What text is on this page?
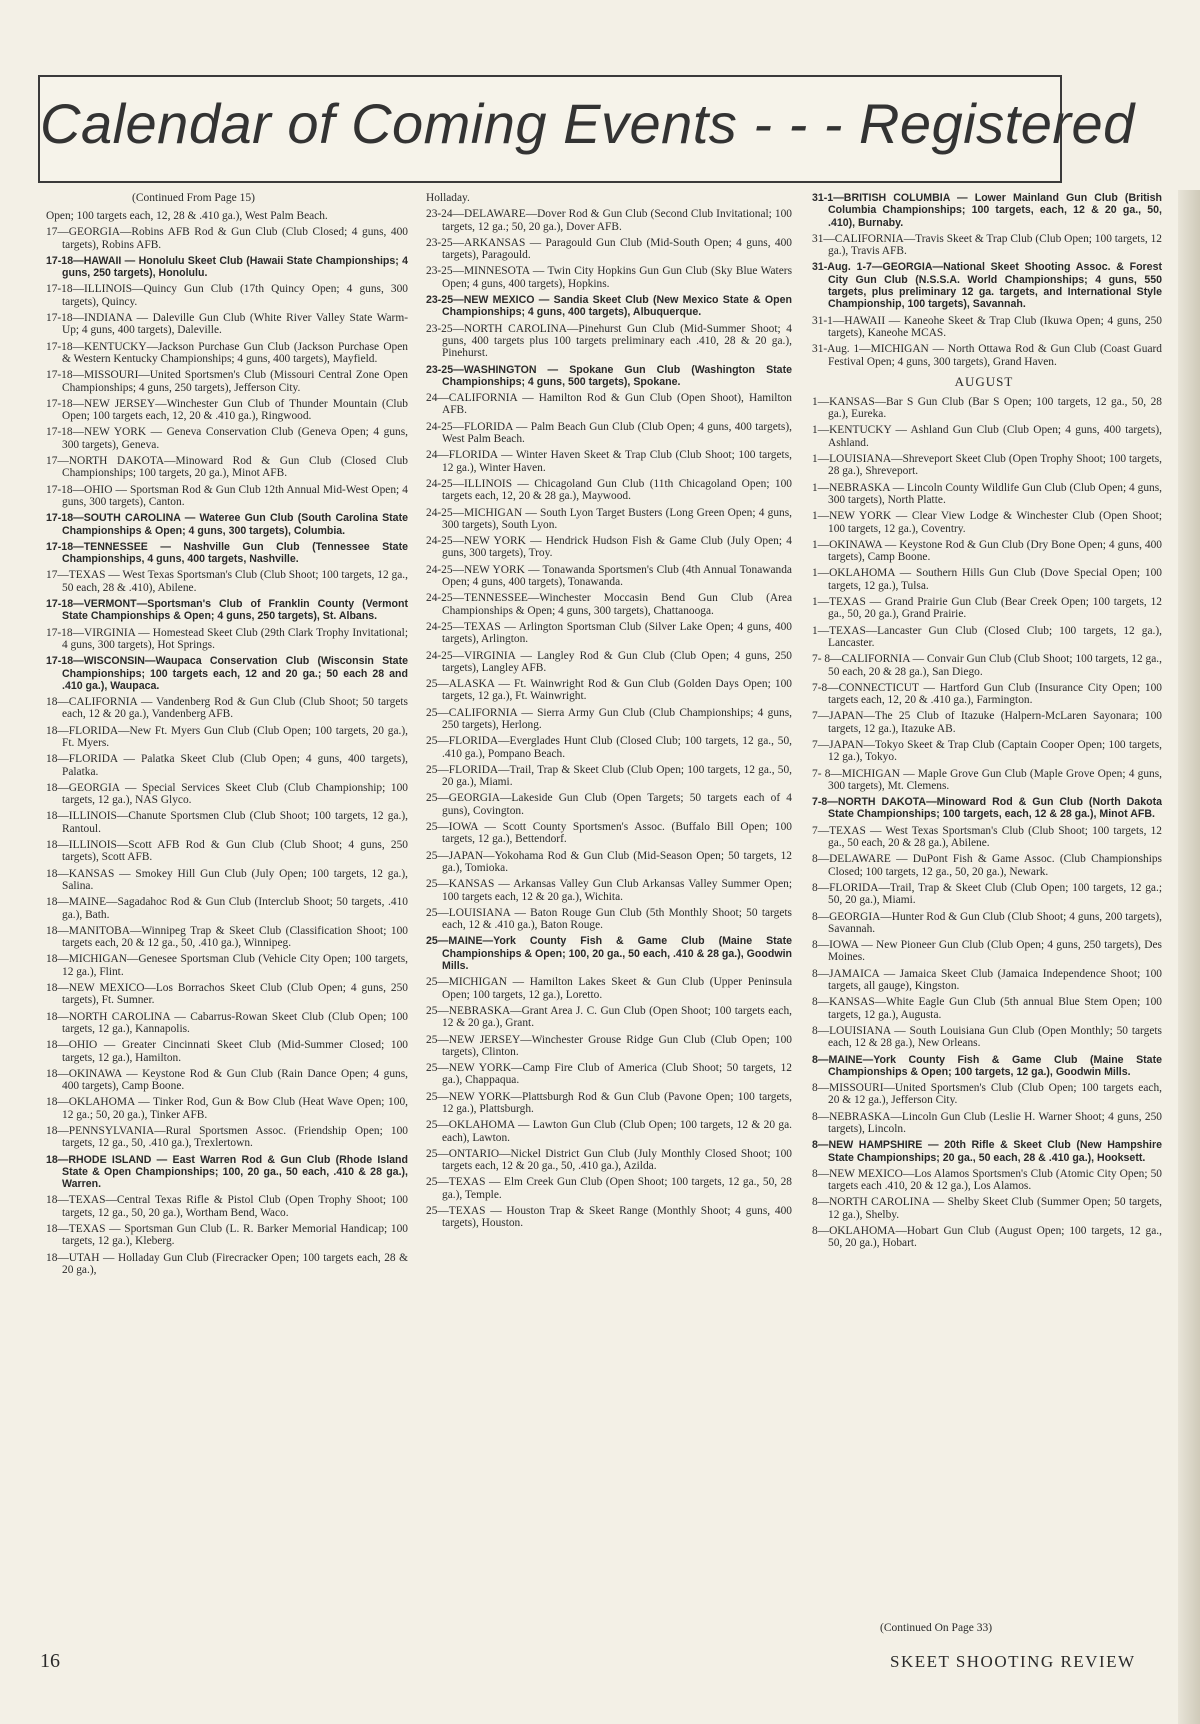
Calendar of Coming Events - - - Registered
(Continued From Page 15)

Open; 100 targets each, 12, 28 & .410 ga.), West Palm Beach.

17—GEORGIA—Robins AFB Rod & Gun Club (Club Closed; 4 guns, 400 targets), Robins AFB.

17-18—HAWAII — Honolulu Skeet Club (Hawaii State Championships; 4 guns, 250 targets), Honolulu.

17-18—ILLINOIS—Quincy Gun Club (17th Quincy Open; 4 guns, 300 targets), Quincy.

17-18—INDIANA — Daleville Gun Club (White River Valley State Warm-Up; 4 guns, 400 targets), Daleville.

17-18—KENTUCKY—Jackson Purchase Gun Club (Jackson Purchase Open & Western Kentucky Championships; 4 guns, 400 targets), Mayfield.

17-18—MISSOURI—United Sportsmen's Club (Missouri Central Zone Open Championships; 4 guns, 250 targets), Jefferson City.

17-18—NEW JERSEY—Winchester Gun Club of Thunder Mountain (Club Open; 100 targets each, 12, 20 & .410 ga.), Ringwood.

17-18—NEW YORK — Geneva Conservation Club (Geneva Open; 4 guns, 300 targets), Geneva.

17—NORTH DAKOTA—Minoward Rod & Gun Club (Closed Club Championships; 100 targets, 20 ga.), Minot AFB.

17-18—OHIO — Sportsman Rod & Gun Club 12th Annual Mid-West Open; 4 guns, 300 targets), Canton.

17-18—SOUTH CAROLINA — Wateree Gun Club (South Carolina State Championships & Open; 4 guns, 300 targets), Columbia.

17-18—TENNESSEE — Nashville Gun Club (Tennessee State Championships, 4 guns, 400 targets, Nashville.

17—TEXAS — West Texas Sportsman's Club (Club Shoot; 100 targets, 12 ga., 50 each, 28 & .410), Abilene.

17-18—VERMONT—Sportsman's Club of Franklin County (Vermont State Championships & Open; 4 guns, 250 targets), St. Albans.

17-18—VIRGINIA — Homestead Skeet Club (29th Clark Trophy Invitational; 4 guns, 300 targets), Hot Springs.

17-18—WISCONSIN—Waupaca Conservation Club (Wisconsin State Championships; 100 targets each, 12 and 20 ga.; 50 each 28 and .410 ga.), Waupaca.

18—CALIFORNIA — Vandenberg Rod & Gun Club (Club Shoot; 50 targets each, 12 & 20 ga.), Vandenberg AFB.

18—FLORIDA—New Ft. Myers Gun Club (Club Open; 100 targets, 20 ga.), Ft. Myers.

18—FLORIDA — Palatka Skeet Club (Club Open; 4 guns, 400 targets), Palatka.

18—GEORGIA — Special Services Skeet Club (Club Championship; 100 targets, 12 ga.), NAS Glyco.

18—ILLINOIS—Chanute Sportsmen Club (Club Shoot; 100 targets, 12 ga.), Rantoul.

18—ILLINOIS—Scott AFB Rod & Gun Club (Club Shoot; 4 guns, 250 targets), Scott AFB.

18—KANSAS — Smokey Hill Gun Club (July Open; 100 targets, 12 ga.), Salina.

18—MAINE—Sagadahoc Rod & Gun Club (Interclub Shoot; 50 targets, .410 ga.), Bath.

18—MANITOBA—Winnipeg Trap & Skeet Club (Classification Shoot; 100 targets each, 20 & 12 ga., 50, .410 ga.), Winnipeg.

18—MICHIGAN—Genesee Sportsman Club (Vehicle City Open; 100 targets, 12 ga.), Flint.

18—NEW MEXICO—Los Borrachos Skeet Club (Club Open; 4 guns, 250 targets), Ft. Sumner.

18—NORTH CAROLINA — Cabarrus-Rowan Skeet Club (Club Open; 100 targets, 12 ga.), Kannapolis.

18—OHIO — Greater Cincinnati Skeet Club (Mid-Summer Closed; 100 targets, 12 ga.), Hamilton.

18—OKINAWA — Keystone Rod & Gun Club (Rain Dance Open; 4 guns, 400 targets), Camp Boone.

18—OKLAHOMA — Tinker Rod, Gun & Bow Club (Heat Wave Open; 100, 12 ga.; 50, 20 ga.), Tinker AFB.

18—PENNSYLVANIA—Rural Sportsmen Assoc. (Friendship Open; 100 targets, 12 ga., 50, .410 ga.), Trexlertown.

18—RHODE ISLAND — East Warren Rod & Gun Club (Rhode Island State & Open Championships; 100, 20 ga., 50 each, .410 & 28 ga.), Warren.

18—TEXAS—Central Texas Rifle & Pistol Club (Open Trophy Shoot; 100 targets, 12 ga., 50, 20 ga.), Wortham Bend, Waco.

18—TEXAS — Sportsman Gun Club (L. R. Barker Memorial Handicap; 100 targets, 12 ga.), Kleberg.

18—UTAH — Holladay Gun Club (Firecracker Open; 100 targets each, 28 & 20 ga.),

Holladay.

23-24—DELAWARE—Dover Rod & Gun Club (Second Club Invitational; 100 targets, 12 ga.; 50, 20 ga.), Dover AFB.

23-25—ARKANSAS — Paragould Gun Club (Mid-South Open; 4 guns, 400 targets), Paragould.

23-25—MINNESOTA — Twin City Hopkins Gun Gun Club (Sky Blue Waters Open; 4 guns, 400 targets), Hopkins.

23-25—NEW MEXICO — Sandia Skeet Club (New Mexico State & Open Championships; 4 guns, 400 targets), Albuquerque.

23-25—NORTH CAROLINA—Pinehurst Gun Club (Mid-Summer Shoot; 4 guns, 400 targets plus 100 targets preliminary each .410, 28 & 20 ga.), Pinehurst.

23-25—WASHINGTON — Spokane Gun Club (Washington State Championships; 4 guns, 500 targets), Spokane.

24—CALIFORNIA — Hamilton Rod & Gun Club (Open Shoot), Hamilton AFB.

24-25—FLORIDA — Palm Beach Gun Club (Club Open; 4 guns, 400 targets), West Palm Beach.

24—FLORIDA — Winter Haven Skeet & Trap Club (Club Shoot; 100 targets, 12 ga.), Winter Haven.

24-25—ILLINOIS — Chicagoland Gun Club (11th Chicagoland Open; 100 targets each, 12, 20 & 28 ga.), Maywood.

24-25—MICHIGAN — South Lyon Target Busters (Long Green Open; 4 guns, 300 targets), South Lyon.

24-25—NEW YORK — Hendrick Hudson Fish & Game Club (July Open; 4 guns, 300 targets), Troy.

24-25—NEW YORK — Tonawanda Sportsmen's Club (4th Annual Tonawanda Open; 4 guns, 400 targets), Tonawanda.

24-25—TENNESSEE—Winchester Moccasin Bend Gun Club (Area Championships & Open; 4 guns, 300 targets), Chattanooga.

24-25—TEXAS — Arlington Sportsman Club (Silver Lake Open; 4 guns, 400 targets), Arlington.

24-25—VIRGINIA — Langley Rod & Gun Club (Club Open; 4 guns, 250 targets), Langley AFB.

25—ALASKA — Ft. Wainwright Rod & Gun Club (Golden Days Open; 100 targets, 12 ga.), Ft. Wainwright.

25—CALIFORNIA — Sierra Army Gun Club (Club Championships; 4 guns, 250 targets), Herlong.

25—FLORIDA—Everglades Hunt Club (Closed Club; 100 targets, 12 ga., 50, .410 ga.), Pompano Beach.

25—FLORIDA—Trail, Trap & Skeet Club (Club Open; 100 targets, 12 ga., 50, 20 ga.), Miami.

25—GEORGIA—Lakeside Gun Club (Open Targets; 50 targets each of 4 guns), Covington.

25—IOWA — Scott County Sportsmen's Assoc. (Buffalo Bill Open; 100 targets, 12 ga.), Bettendorf.

25—JAPAN—Yokohama Rod & Gun Club (Mid-Season Open; 50 targets, 12 ga.), Tomioka.

25—KANSAS — Arkansas Valley Gun Club Arkansas Valley Summer Open; 100 targets each, 12 & 20 ga.), Wichita.

25—LOUISIANA — Baton Rouge Gun Club (5th Monthly Shoot; 50 targets each, 12 & .410 ga.), Baton Rouge.

25—MAINE—York County Fish & Game Club (Maine State Championships & Open; 100, 20 ga., 50 each, .410 & 28 ga.), Goodwin Mills.

25—MICHIGAN — Hamilton Lakes Skeet & Gun Club (Upper Peninsula Open; 100 targets, 12 ga.), Loretto.

25—NEBRASKA—Grant Area J. C. Gun Club (Open Shoot; 100 targets each, 12 & 20 ga.), Grant.

25—NEW JERSEY—Winchester Grouse Ridge Gun Club (Club Open; 100 targets), Clinton.

25—NEW YORK—Camp Fire Club of America (Club Shoot; 50 targets, 12 ga.), Chappaqua.

25—NEW YORK—Plattsburgh Rod & Gun Club (Pavone Open; 100 targets, 12 ga.), Plattsburgh.

25—OKLAHOMA — Lawton Gun Club (Club Open; 100 targets, 12 & 20 ga. each), Lawton.

25—ONTARIO—Nickel District Gun Club (July Monthly Closed Shoot; 100 targets each, 12 & 20 ga., 50, .410 ga.), Azilda.

25—TEXAS — Elm Creek Gun Club (Open Shoot; 100 targets, 12 ga., 50, 28 ga.), Temple.

25—TEXAS — Houston Trap & Skeet Range (Monthly Shoot; 4 guns, 400 targets), Houston.

31-1—BRITISH COLUMBIA — Lower Mainland Gun Club (British Columbia Championships; 100 targets, each, 12 & 20 ga., 50, .410), Burnaby.

31—CALIFORNIA—Travis Skeet & Trap Club (Club Open; 100 targets, 12 ga.), Travis AFB.

31-Aug. 1-7—GEORGIA—National Skeet Shooting Assoc. & Forest City Gun Club (N.S.S.A. World Championships; 4 guns, 550 targets, plus preliminary 12 ga. targets, and International Style Championship, 100 targets), Savannah.

31-1—HAWAII — Kaneohe Skeet & Trap Club (Ikuwa Open; 4 guns, 250 targets), Kaneohe MCAS.

31-Aug. 1—MICHIGAN — North Ottawa Rod & Gun Club (Coast Guard Festival Open; 4 guns, 300 targets), Grand Haven.

AUGUST

1—KANSAS—Bar S Gun Club (Bar S Open; 100 targets, 12 ga., 50, 28 ga.), Eureka.

1—KENTUCKY — Ashland Gun Club (Club Open; 4 guns, 400 targets), Ashland.

1—LOUISIANA—Shreveport Skeet Club (Open Trophy Shoot; 100 targets, 28 ga.), Shreveport.

1—NEBRASKA — Lincoln County Wildlife Gun Club (Club Open; 4 guns, 300 targets), North Platte.

1—NEW YORK — Clear View Lodge & Winchester Club (Open Shoot; 100 targets, 12 ga.), Coventry.

1—OKINAWA — Keystone Rod & Gun Club (Dry Bone Open; 4 guns, 400 targets), Camp Boone.

1—OKLAHOMA — Southern Hills Gun Club (Dove Special Open; 100 targets, 12 ga.), Tulsa.

1—TEXAS — Grand Prairie Gun Club (Bear Creek Open; 100 targets, 12 ga., 50, 20 ga.), Grand Prairie.

1—TEXAS—Lancaster Gun Club (Closed Club; 100 targets, 12 ga.), Lancaster.

7- 8—CALIFORNIA — Convair Gun Club (Club Shoot; 100 targets, 12 ga., 50 each, 20 & 28 ga.), San Diego.

7-8—CONNECTICUT — Hartford Gun Club (Insurance City Open; 100 targets each, 12, 20 & .410 ga.), Farmington.

7—JAPAN—The 25 Club of Itazuke (Halpern-McLaren Sayonara; 100 targets, 12 ga.), Itazuke AB.

7—JAPAN—Tokyo Skeet & Trap Club (Captain Cooper Open; 100 targets, 12 ga.), Tokyo.

7- 8—MICHIGAN — Maple Grove Gun Club (Maple Grove Open; 4 guns, 300 targets), Mt. Clemens.

7-8—NORTH DAKOTA—Minoward Rod & Gun Club (North Dakota State Championships; 100 targets, each, 12 & 28 ga.), Minot AFB.

7—TEXAS — West Texas Sportsman's Club (Club Shoot; 100 targets, 12 ga., 50 each, 20 & 28 ga.), Abilene.

8—DELAWARE — DuPont Fish & Game Assoc. (Club Championships Closed; 100 targets, 12 ga., 50, 20 ga.), Newark.

8—FLORIDA—Trail, Trap & Skeet Club (Club Open; 100 targets, 12 ga.; 50, 20 ga.), Miami.

8—GEORGIA—Hunter Rod & Gun Club (Club Shoot; 4 guns, 200 targets), Savannah.

8—IOWA — New Pioneer Gun Club (Club Open; 4 guns, 250 targets), Des Moines.

8—JAMAICA — Jamaica Skeet Club (Jamaica Independence Shoot; 100 targets, all gauge), Kingston.

8—KANSAS—White Eagle Gun Club (5th annual Blue Stem Open; 100 targets, 12 ga.), Augusta.

8—LOUISIANA — South Louisiana Gun Club (Open Monthly; 50 targets each, 12 & 28 ga.), New Orleans.

8—MAINE—York County Fish & Game Club (Maine State Championships & Open; 100 targets, 12 ga.), Goodwin Mills.

8—MISSOURI—United Sportsmen's Club (Club Open; 100 targets each, 20 & 12 ga.), Jefferson City.

8—NEBRASKA—Lincoln Gun Club (Leslie H. Warner Shoot; 4 guns, 250 targets), Lincoln.

8—NEW HAMPSHIRE — 20th Rifle & Skeet Club (New Hampshire State Championships; 20 ga., 50 each, 28 & .410 ga.), Hooksett.

8—NEW MEXICO—Los Alamos Sportsmen's Club (Atomic City Open; 50 targets each .410, 20 & 12 ga.), Los Alamos.

8—NORTH CAROLINA — Shelby Skeet Club (Summer Open; 50 targets, 12 ga.), Shelby.

8—OKLAHOMA—Hobart Gun Club (August Open; 100 targets, 12 ga., 50, 20 ga.), Hobart.

(Continued On Page 33)
16	SKEET SHOOTING REVIEW
